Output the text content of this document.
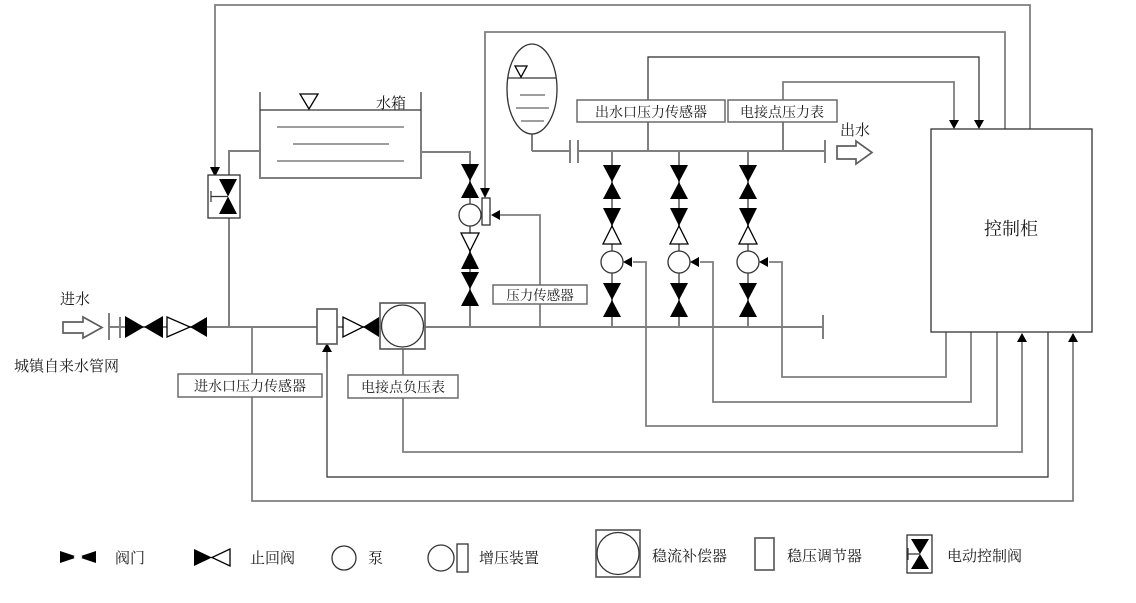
控制柜
进水口压力传感器	电接点负压表
压力传感器
出水口压力传感器 电接点压力表
进水
城镇自来水管网
水箱
出水
阀门	止回阀	泵	增压装置	稳流补偿器	稳压调节器	电动控制阀
